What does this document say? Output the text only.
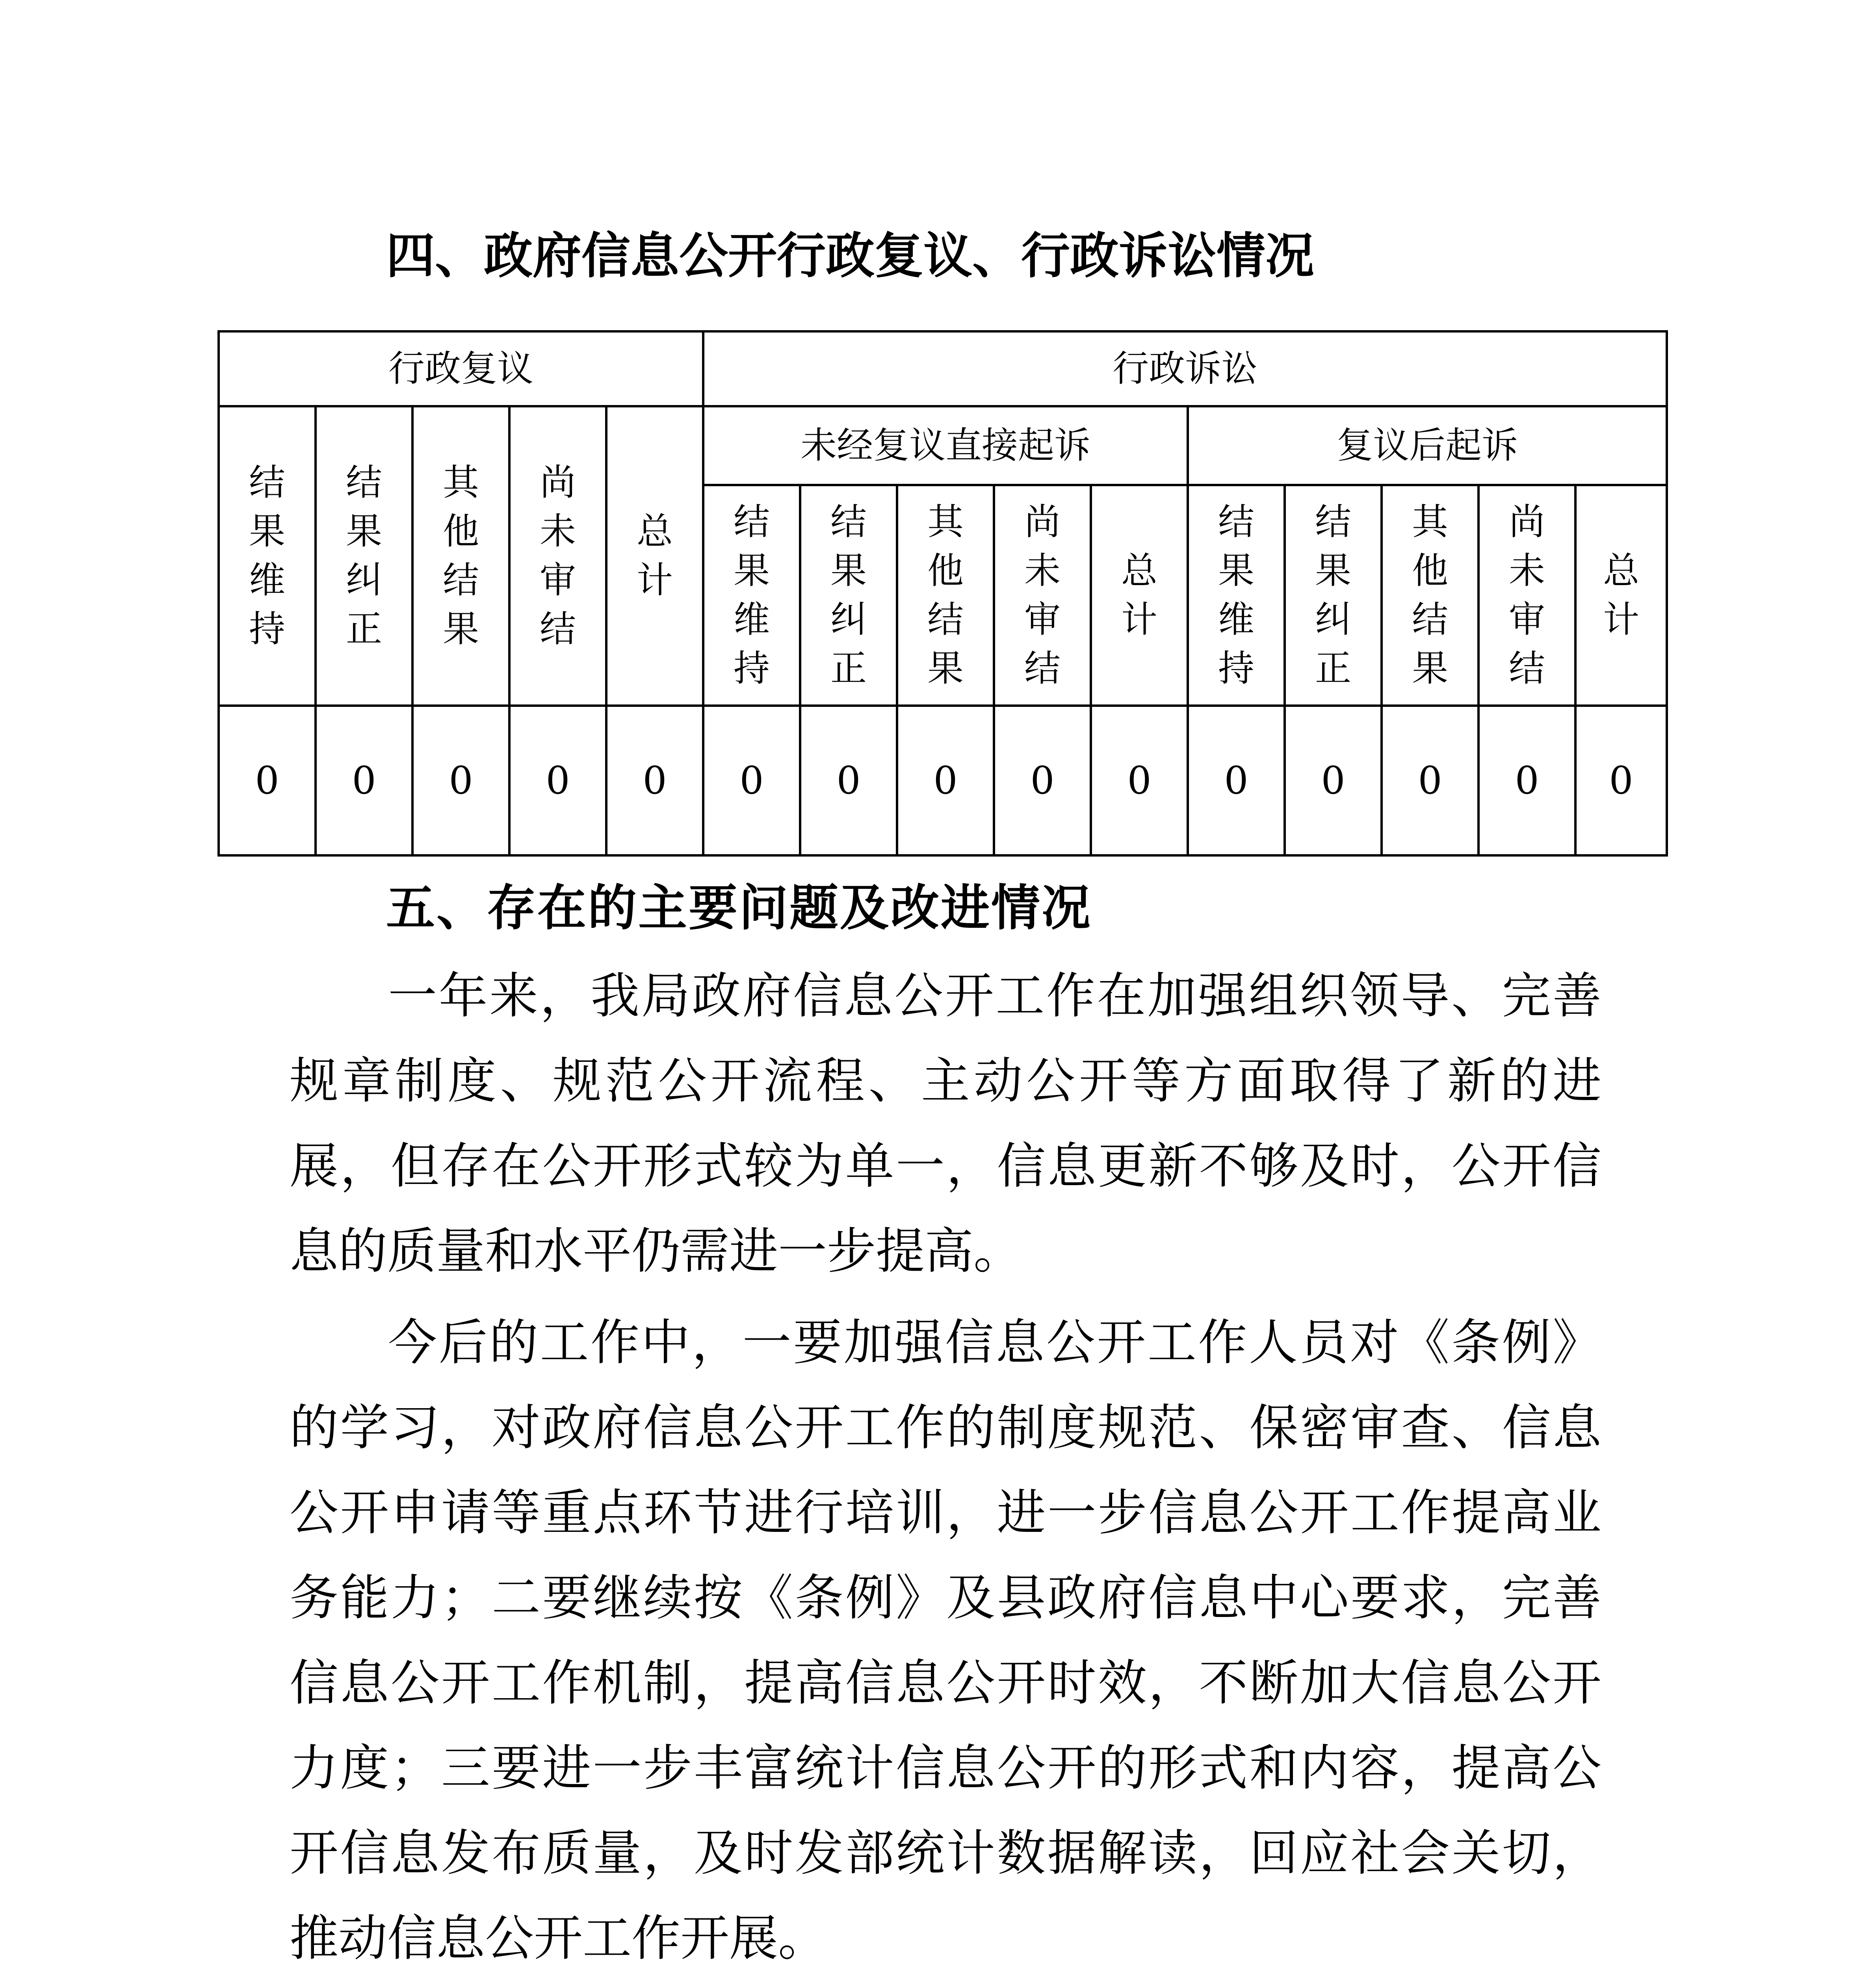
四、政府信息公开行政复议、行政诉讼情况
行政复议					行政诉讼									
结果维持	结果纠正	其他结果	尚未审结	总计	未经复议直接起诉					复议后起诉				
					结果维持	结果纠正	其他结果	尚未审结	总计	结果维持	结果纠正	其他结果	尚未审结	总计
0	0	0	0	0	0	0	0	0	0	0	0	0	0	0
五、存在的主要问题及改进情况

一年来，我局政府信息公开工作在加强组织领导、完善规章制度、规范公开流程、主动公开等方面取得了新的进展，但存在公开形式较为单一，信息更新不够及时，公开信息的质量和水平仍需进一步提高。

今后的工作中，一要加强信息公开工作人员对《条例》的学习，对政府信息公开工作的制度规范、保密审查、信息公开申请等重点环节进行培训，进一步信息公开工作提高业务能力；二要继续按《条例》及县政府信息中心要求，完善信息公开工作机制，提高信息公开时效，不断加大信息公开力度；三要进一步丰富统计信息公开的形式和内容，提高公开信息发布质量，及时发部统计数据解读，回应社会关切，推动信息公开工作开展。
